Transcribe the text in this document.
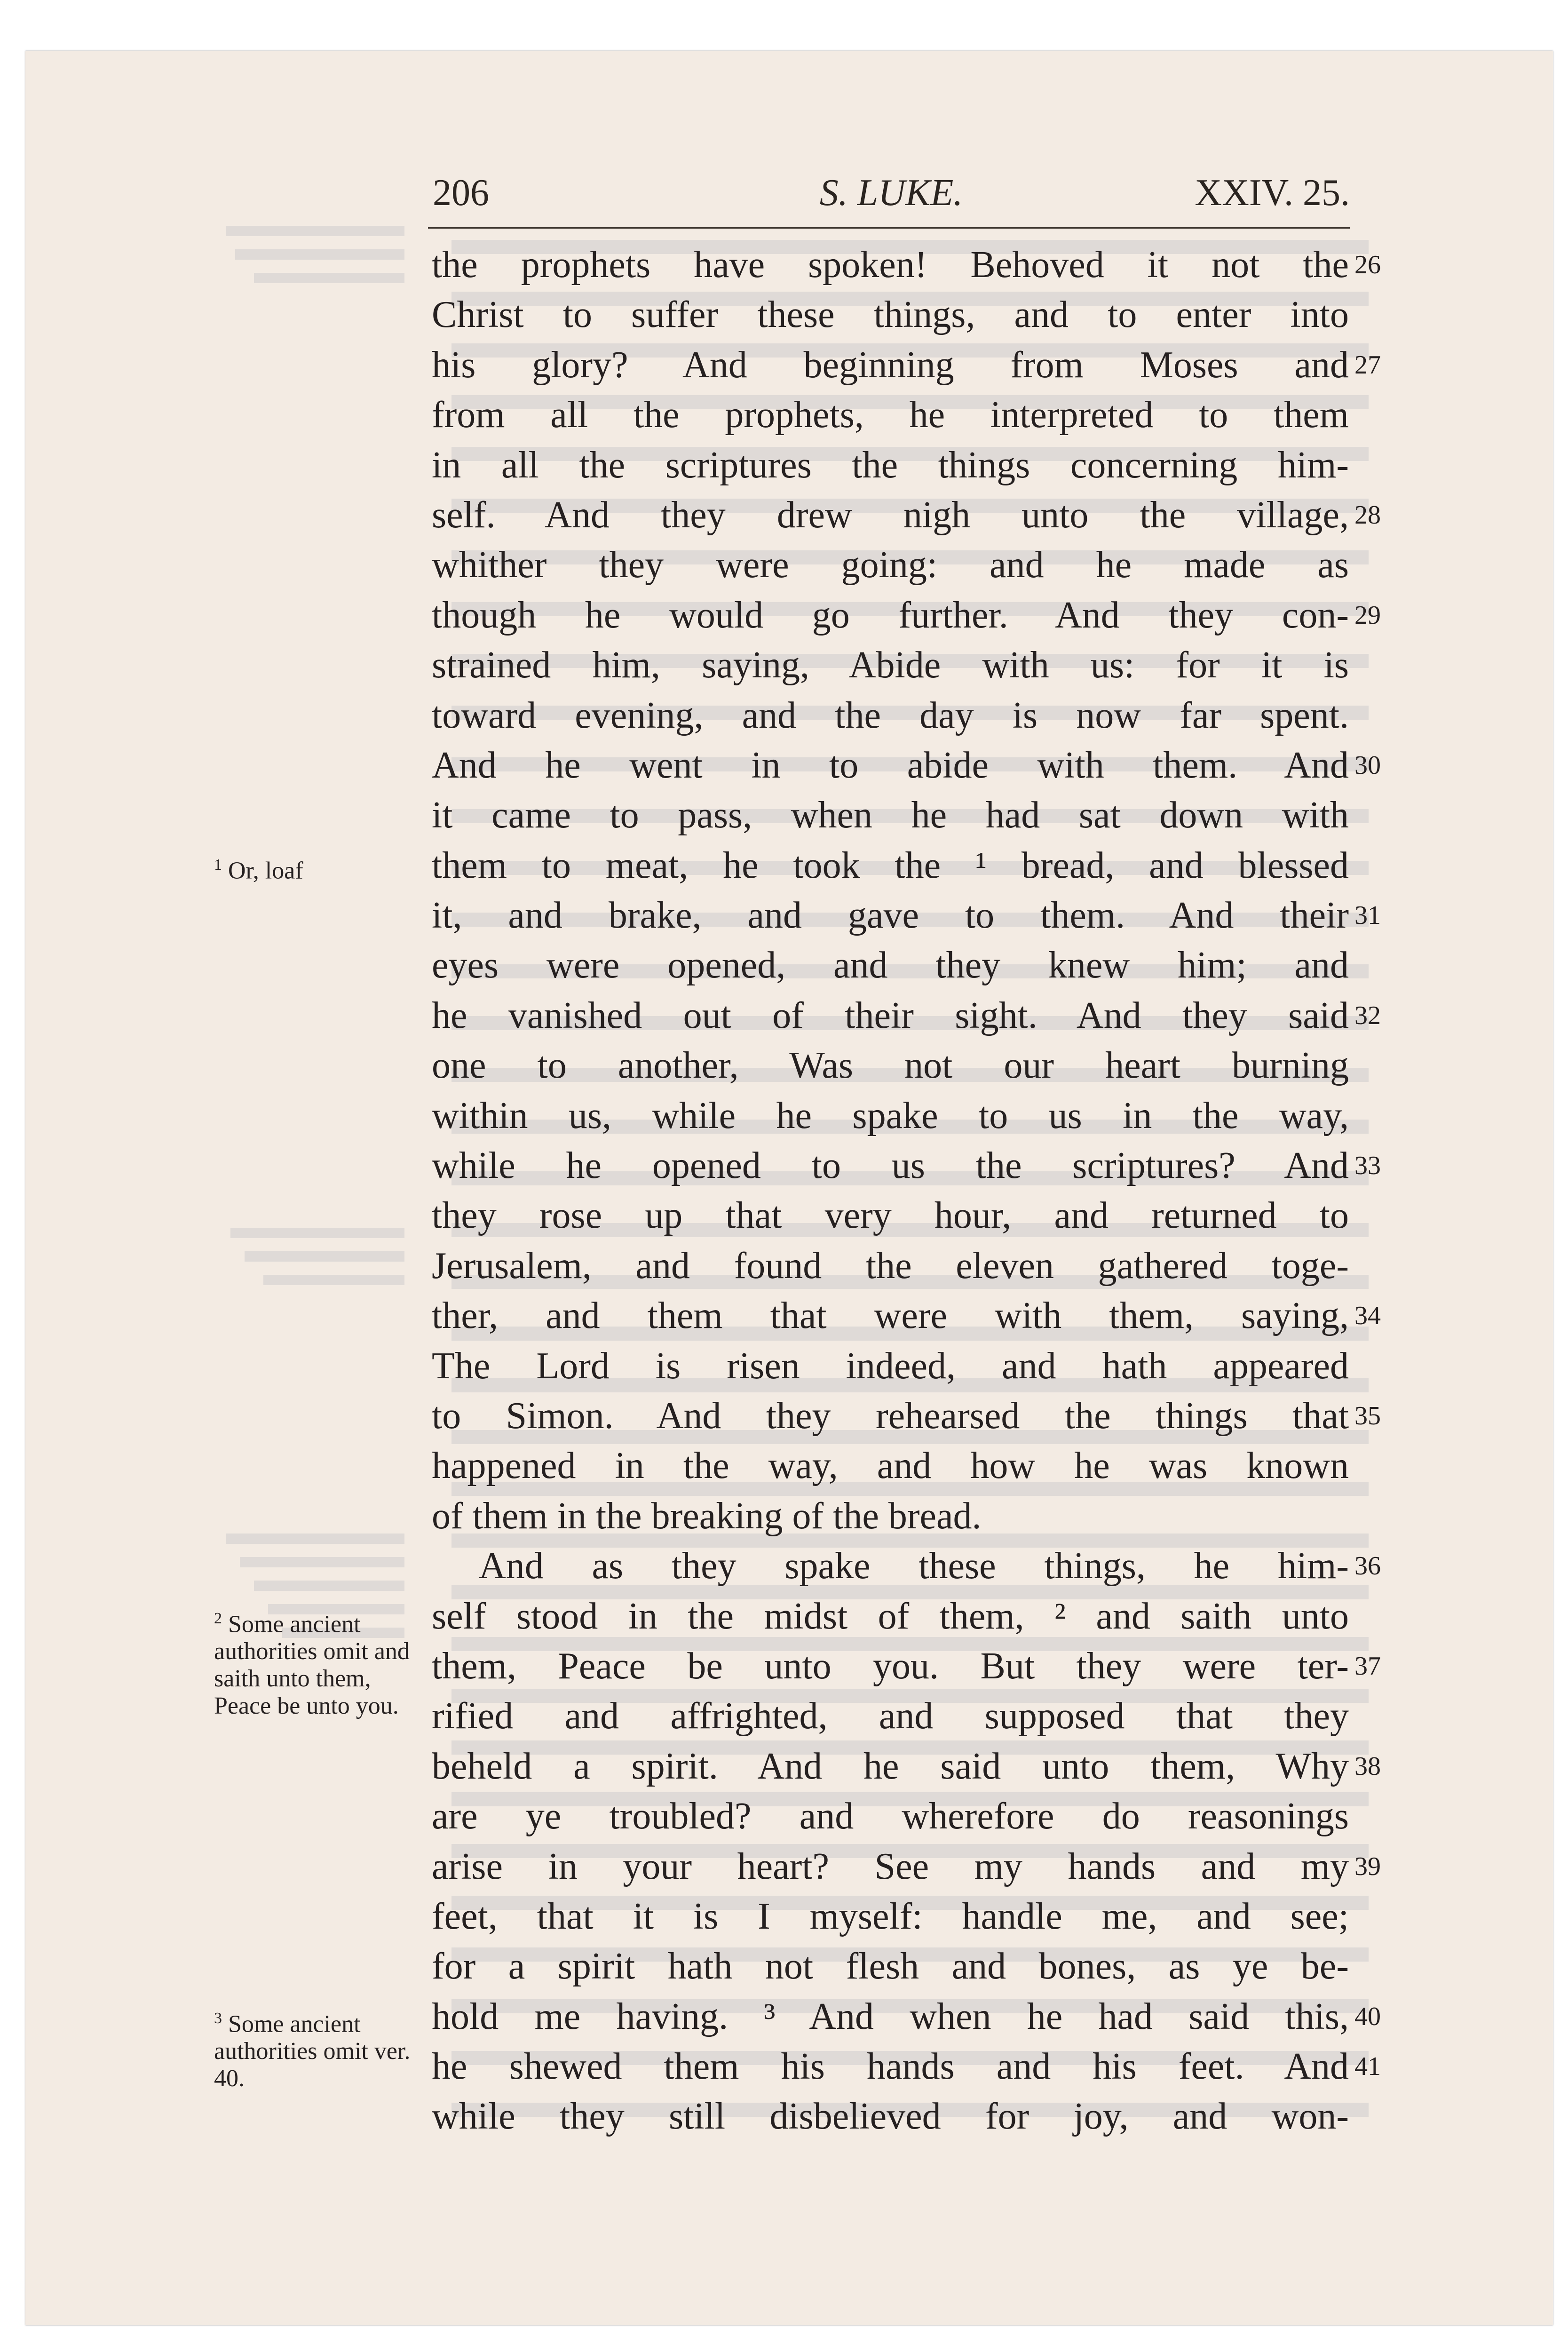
206	S. LUKE.	XXIV. 25.
the prophets have spoken! Behoved it not the
Christ to suffer these things, and to enter into
his glory? And beginning from Moses and
from all the prophets, he interpreted to them
in all the scriptures the things concerning him-
self. And they drew nigh unto the village,
whither they were going: and he made as
though he would go further. And they con-
strained him, saying, Abide with us: for it is
toward evening, and the day is now far spent.
And he went in to abide with them. And
it came to pass, when he had sat down with
them to meat, he took the ¹ bread, and blessed
it, and brake, and gave to them. And their
eyes were opened, and they knew him; and
he vanished out of their sight. And they said
one to another, Was not our heart burning
within us, while he spake to us in the way,
while he opened to us the scriptures? And
they rose up that very hour, and returned to
Jerusalem, and found the eleven gathered toge-
ther, and them that were with them, saying,
The Lord is risen indeed, and hath appeared
to Simon. And they rehearsed the things that
happened in the way, and how he was known
of them in the breaking of the bread.
And as they spake these things, he him-
self stood in the midst of them, ² and saith unto
them, Peace be unto you. But they were ter-
rified and affrighted, and supposed that they
beheld a spirit. And he said unto them, Why
are ye troubled? and wherefore do reasonings
arise in your heart? See my hands and my
feet, that it is I myself: handle me, and see;
for a spirit hath not flesh and bones, as ye be-
hold me having. ³ And when he had said this,
he shewed them his hands and his feet. And
while they still disbelieved for joy, and won-
26
27
28
29
30
31
32
33
34
35
36
37
38
39
40
41
$^1$ Or, loaf
$^2$ Some ancient authorities omit and saith unto them, Peace be unto you.
$^3$ Some ancient authorities omit ver. 40.
